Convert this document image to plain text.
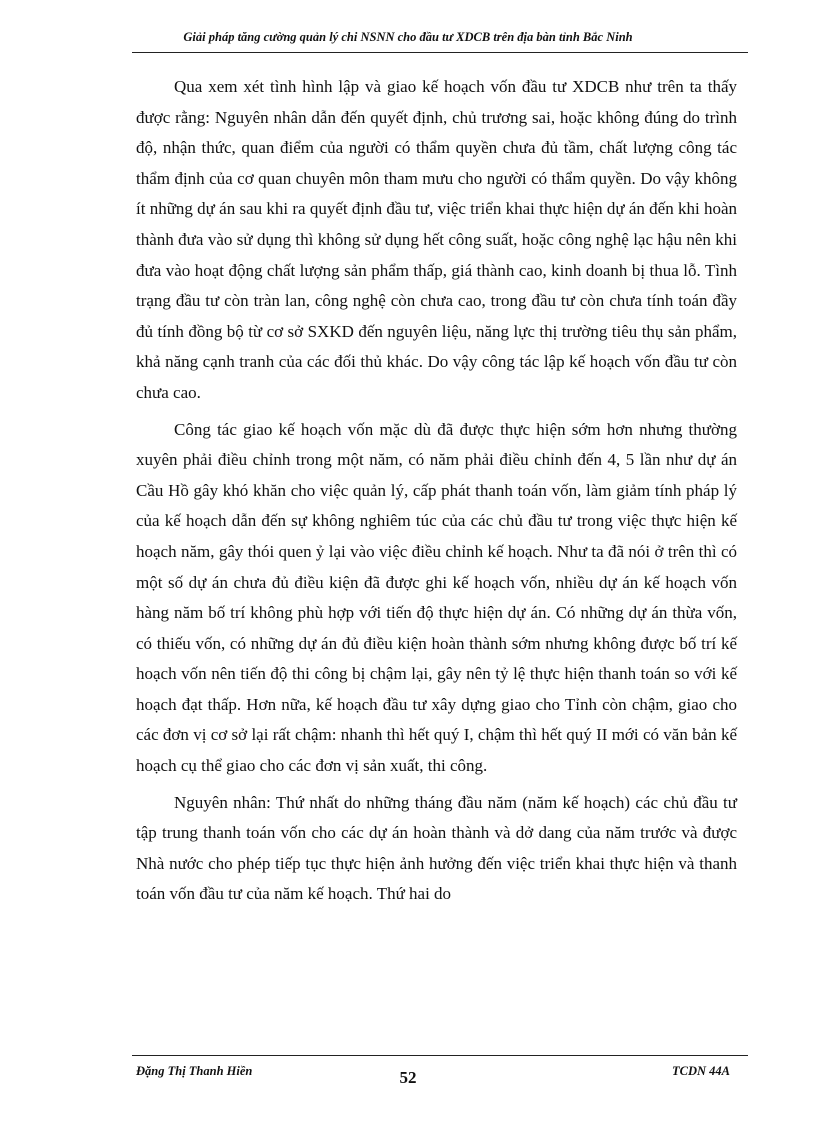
Giải pháp tăng cường quản lý chi NSNN cho đầu tư XDCB trên địa bàn tỉnh Bắc Ninh

Qua xem xét tình hình lập và giao kế hoạch vốn đầu tư XDCB như trên ta thấy được rằng: Nguyên nhân dẫn đến quyết định, chủ trương sai, hoặc không đúng do trình độ, nhận thức, quan điểm của người có thẩm quyền chưa đủ tầm, chất lượng công tác thẩm định của cơ quan chuyên môn tham mưu cho người có thẩm quyền. Do vậy không ít những dự án sau khi ra quyết định đầu tư, việc triển khai thực hiện dự án đến khi hoàn thành đưa vào sử dụng thì không sử dụng hết công suất, hoặc công nghệ lạc hậu nên khi đưa vào hoạt động chất lượng sản phẩm thấp, giá thành cao, kinh doanh bị thua lỗ. Tình trạng đầu tư còn tràn lan, công nghệ còn chưa cao, trong đầu tư còn chưa tính toán đầy đủ tính đồng bộ từ cơ sở SXKD đến nguyên liệu, năng lực thị trường tiêu thụ sản phẩm, khả năng cạnh tranh của các đối thủ khác. Do vậy công tác lập kế hoạch vốn đầu tư còn chưa cao.

Công tác giao kế hoạch vốn mặc dù đã được thực hiện sớm hơn nhưng thường xuyên phải điều chỉnh trong một năm, có năm phải điều chỉnh đến 4, 5 lần như dự án Cầu Hồ gây khó khăn cho việc quản lý, cấp phát thanh toán vốn, làm giảm tính pháp lý của kế hoạch dẫn đến sự không nghiêm túc của các chủ đầu tư trong việc thực hiện kế hoạch năm, gây thói quen ỷ lại vào việc điều chỉnh kế hoạch. Như ta đã nói ở trên thì có một số dự án chưa đủ điều kiện đã được ghi kế hoạch vốn, nhiều dự án kế hoạch vốn hàng năm bố trí không phù hợp với tiến độ thực hiện dự án. Có những dự án thừa vốn, có thiếu vốn, có những dự án đủ điều kiện hoàn thành sớm nhưng không được bố trí kế hoạch vốn nên tiến độ thi công bị chậm lại, gây nên tỷ lệ thực hiện thanh toán so với kế hoạch đạt thấp. Hơn nữa, kế hoạch đầu tư xây dựng giao cho Tỉnh còn chậm, giao cho các đơn vị cơ sở lại rất chậm: nhanh thì hết quý I, chậm thì hết quý II mới có văn bản kế hoạch cụ thể giao cho các đơn vị sản xuất, thi công.

Nguyên nhân: Thứ nhất do những tháng đầu năm (năm kế hoạch) các chủ đầu tư tập trung thanh toán vốn cho các dự án hoàn thành và dở dang của năm trước và được Nhà nước cho phép tiếp tục thực hiện ảnh hưởng đến việc triển khai thực hiện và thanh toán vốn đầu tư của năm kế hoạch. Thứ hai do

Đặng Thị Thanh Hiền	52	TCDN 44A
